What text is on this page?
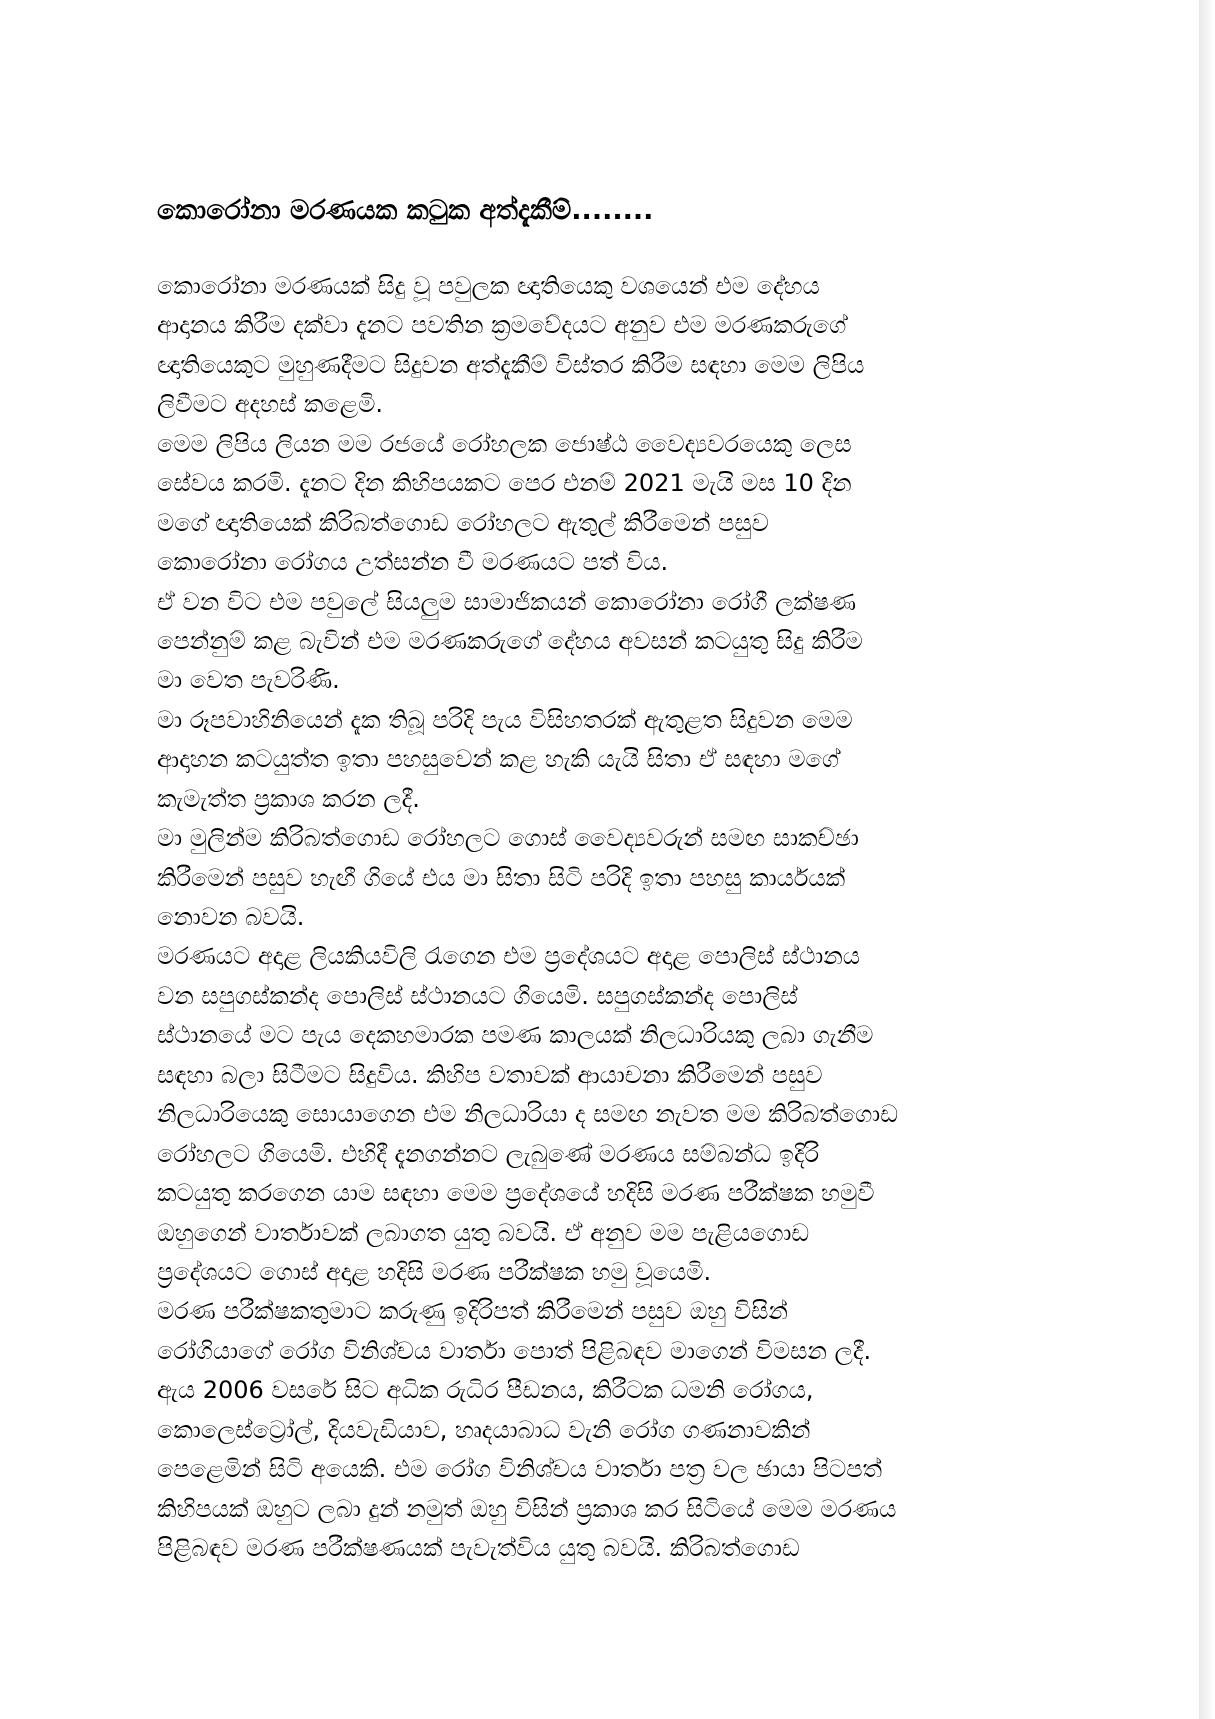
කොරෝනා මරණයක කටුක අත්දැකීම්........
කොරෝනා මරණයක් සිදු වූ පවුලක ඥාතියෙකු වශයෙන් එම දේහය
ආදානය කිරීම දක්වා දැනට පවතින ක්‍රමවේදයට අනුව එම මරණකරුගේ
ඥාතියෙකුට මුහුණදීමට සිදුවන අත්දැකීම් විස්තර කිරීම සඳහා මෙම ලිපිය
ලිවීමට අදහස් කළෙමි.
මෙම ලිපිය ලියන මම රජයේ රෝහලක ජොෂ්ඨ වෛද්‍යවරයෙකු ලෙස
සේවය කරමි. දැනට දින කිහිපයකට පෙර එනම් 2021 මැයි මස 10 දින
මගේ ඥාතියෙක් කිරිබත්ගොඩ රෝහලට ඇතුල් කිරීමෙන් පසුව
කොරෝනා රෝගය උත්සන්න වී මරණයට පත් විය.
ඒ වන විට එම පවුලේ සියලුම සාමාජිකයන් කොරෝනා රෝගී ලක්ෂණ
පෙන්නුම් කළ බැවින් එම මරණකරුගේ දේහය අවසන් කටයුතු සිදු කිරීම
මා වෙත පැවරිණි.
මා රූපවාහිනියෙන් දැක තිබූ පරිදි පැය විසිහතරක් ඇතුළත සිදුවන මෙම
ආදාහන කටයුත්ත ඉතා පහසුවෙන් කළ හැකි යැයි සිතා ඒ සඳහා මගේ
කැමැත්ත ප්‍රකාශ කරන ලදී.
මා මුලින්ම කිරිබත්ගොඩ රෝහලට ගොස් වෛද්‍යවරුන් සමඟ සාකච්ඡා
කිරීමෙන් පසුව හැඟී ගියේ එය මා සිතා සිටි පරිදි ඉතා පහසු කාර්යයක්
නොවන බවයි.
මරණයට අදාළ ලියකියවිලි රැගෙන එම ප්‍රදේශයට අදාළ පොලිස් ස්ථානය
වන සපුගස්කන්ද පොලිස් ස්ථානයට ගියෙමි. සපුගස්කන්ද පොලිස්
ස්ථානයේ මට පැය දෙකහමාරක පමණ කාලයක් නිලධාරියකු ලබා ගැනීම
සඳහා බලා සිටීමට සිදුවිය. කිහිප වතාවක් ආයාචනා කිරීමෙන් පසුව
නිලධාරියෙකු සොයාගෙන එම නිලධාරියා ද සමඟ නැවත මම කිරිබත්ගොඩ
රෝහලට ගියෙමි. එහිදී දැනගන්නට ලැබුණේ මරණය සම්බන්ධ ඉදිරි
කටයුතු කරගෙන යාම සඳහා මෙම ප්‍රදේශයේ හදිසි මරණ පරීක්ෂක හමුවී
ඔහුගෙන් වාර්තාවක් ලබාගත යුතු බවයි. ඒ අනුව මම පැළියගොඩ
ප්‍රදේශයට ගොස් අදාළ හදිසි මරණ පරීක්ෂක හමු වූයෙමි.
මරණ පරීක්ෂකතුමාට කරුණු ඉදිරිපත් කිරීමෙන් පසුව ඔහු විසින්
රෝගියාගේ රෝග විනිශ්චය වාර්තා පොත් පිළිබඳව මාගෙන් විමසන ලදී.
ඇය 2006 වසරේ සිට අධික රුධිර පීඩනය, කිරීටක ධමනි රෝගය,
කොලෙස්ට්‍රෝල්, දියවැඩියාව, හෘදයාබාධ වැනි රෝග ගණනාවකින්
පෙළෙමින් සිටි අයෙකි. එම රෝග විනිශ්චය වාර්තා පත්‍ර වල ඡායා පිටපත්
කිහිපයක් ඔහුට ලබා දුන් නමුත් ඔහු විසින් ප්‍රකාශ කර සිටියේ මෙම මරණය
පිළිබඳව මරණ පරීක්ෂණයක් පැවැත්විය යුතු බවයි. කිරිබත්ගොඩ
